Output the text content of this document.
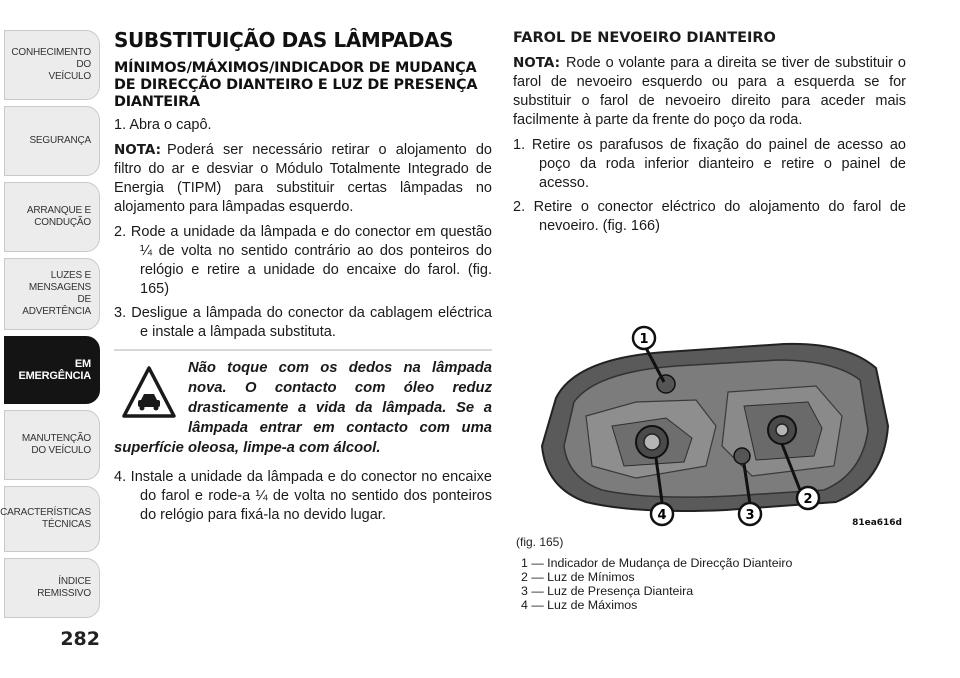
CONHECIMENTO
DO
VEÍCULO
SEGURANÇA
ARRANQUE E
CONDUÇÃO
LUZES E
MENSAGENS
DE
ADVERTÊNCIA
EM
EMERGÊNCIA
MANUTENÇÃO
DO VEÍCULO
CARACTERÍSTICAS
TÉCNICAS
ÍNDICE
REMISSIVO
282
SUBSTITUIÇÃO DAS LÂMPADAS
MÍNIMOS/MÁXIMOS/INDICADOR DE MUDANÇA DE DIRECÇÃO DIANTEIRO E LUZ DE PRESENÇA DIANTEIRA

1. Abra o capô.

NOTA: Poderá ser necessário retirar o alojamento do filtro do ar e desviar o Módulo Totalmente Integrado de Energia (TIPM) para substituir certas lâmpadas no alojamento para lâmpadas esquerdo.

2. Rode a unidade da lâmpada e do conector em questão ¼ de volta no sentido contrário ao dos ponteiros do relógio e retire a unidade do encaixe do farol. (fig. 165)
3. Desligue a lâmpada do conector da cablagem eléctrica e instale a lâmpada substituta.

Não toque com os dedos na lâmpada nova. O contacto com óleo reduz drasticamente a vida da lâmpada. Se a lâmpada entrar em contacto com uma superfície oleosa, limpe-a com álcool.

4. Instale a unidade da lâmpada e do conector no encaixe do farol e rode-a ¼ de volta no sentido dos ponteiros do relógio para fixá-la no devido lugar.
FAROL DE NEVOEIRO DIANTEIRO

NOTA: Rode o volante para a direita se tiver de substituir o farol de nevoeiro esquerdo ou para a esquerda se for substituir o farol de nevoeiro direito para aceder mais facilmente à parte da frente do poço da roda.

1. Retire os parafusos de fixação do painel de acesso ao poço da roda inferior dianteiro e retire o painel de acesso.
2. Retire o conector eléctrico do alojamento do farol de nevoeiro. (fig. 166)
1
2
3
4	81ea616d
(fig. 165)
1 — Indicador de Mudança de Direcção Dianteiro
2 — Luz de Mínimos
3 — Luz de Presença Dianteira
4 — Luz de Máximos
